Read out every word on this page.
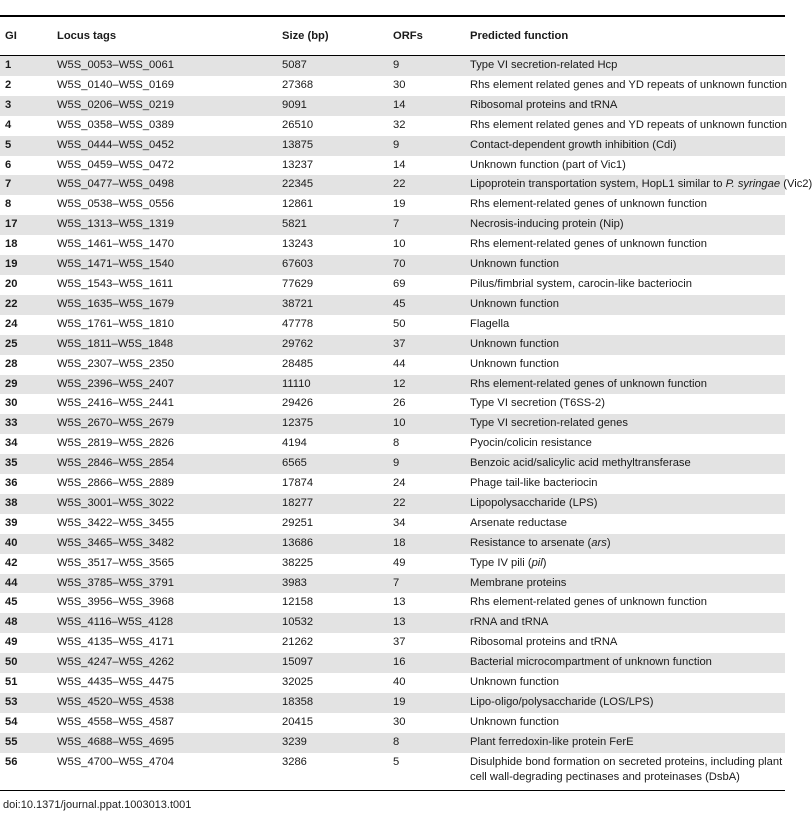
GI	Locus tags	Size (bp)	ORFs	Predicted function
1	W5S_0053–W5S_0061	5087	9	Type VI secretion-related Hcp
2	W5S_0140–W5S_0169	27368	30	Rhs element related genes and YD repeats of unknown function
3	W5S_0206–W5S_0219	9091	14	Ribosomal proteins and tRNA
4	W5S_0358–W5S_0389	26510	32	Rhs element related genes and YD repeats of unknown function
5	W5S_0444–W5S_0452	13875	9	Contact-dependent growth inhibition (Cdi)
6	W5S_0459–W5S_0472	13237	14	Unknown function (part of Vic1)
7	W5S_0477–W5S_0498	22345	22	Lipoprotein transportation system, HopL1 similar to P. syringae (Vic2)
8	W5S_0538–W5S_0556	12861	19	Rhs element-related genes of unknown function
17	W5S_1313–W5S_1319	5821	7	Necrosis-inducing protein (Nip)
18	W5S_1461–W5S_1470	13243	10	Rhs element-related genes of unknown function
19	W5S_1471–W5S_1540	67603	70	Unknown function
20	W5S_1543–W5S_1611	77629	69	Pilus/fimbrial system, carocin-like bacteriocin
22	W5S_1635–W5S_1679	38721	45	Unknown function
24	W5S_1761–W5S_1810	47778	50	Flagella
25	W5S_1811–W5S_1848	29762	37	Unknown function
28	W5S_2307–W5S_2350	28485	44	Unknown function
29	W5S_2396–W5S_2407	11110	12	Rhs element-related genes of unknown function
30	W5S_2416–W5S_2441	29426	26	Type VI secretion (T6SS-2)
33	W5S_2670–W5S_2679	12375	10	Type VI secretion-related genes
34	W5S_2819–W5S_2826	4194	8	Pyocin/colicin resistance
35	W5S_2846–W5S_2854	6565	9	Benzoic acid/salicylic acid methyltransferase
36	W5S_2866–W5S_2889	17874	24	Phage tail-like bacteriocin
38	W5S_3001–W5S_3022	18277	22	Lipopolysaccharide (LPS)
39	W5S_3422–W5S_3455	29251	34	Arsenate reductase
40	W5S_3465–W5S_3482	13686	18	Resistance to arsenate (ars)
42	W5S_3517–W5S_3565	38225	49	Type IV pili (pil)
44	W5S_3785–W5S_3791	3983	7	Membrane proteins
45	W5S_3956–W5S_3968	12158	13	Rhs element-related genes of unknown function
48	W5S_4116–W5S_4128	10532	13	rRNA and tRNA
49	W5S_4135–W5S_4171	21262	37	Ribosomal proteins and tRNA
50	W5S_4247–W5S_4262	15097	16	Bacterial microcompartment of unknown function
51	W5S_4435–W5S_4475	32025	40	Unknown function
53	W5S_4520–W5S_4538	18358	19	Lipo-oligo/polysaccharide (LOS/LPS)
54	W5S_4558–W5S_4587	20415	30	Unknown function
55	W5S_4688–W5S_4695	3239	8	Plant ferredoxin-like protein FerE
56	W5S_4700–W5S_4704	3286	5	Disulphide bond formation on secreted proteins, including plant cell wall-degrading pectinases and proteinases (DsbA)
doi:10.1371/journal.ppat.1003013.t001
